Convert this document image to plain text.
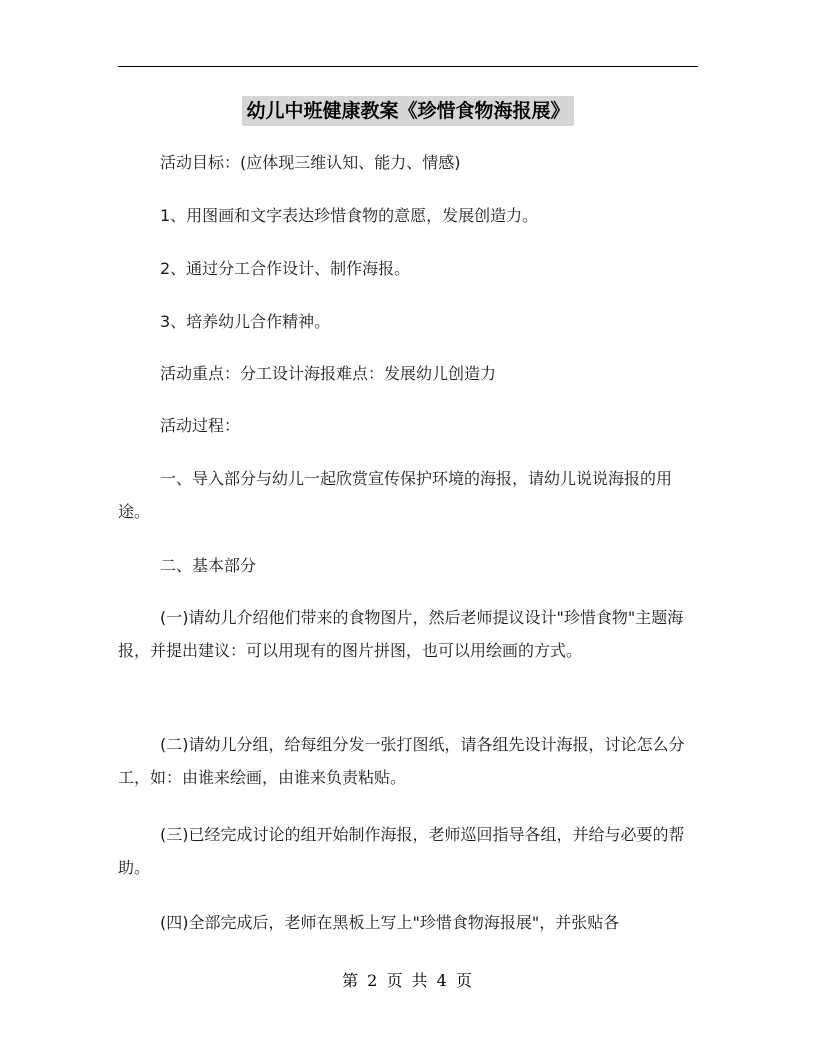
幼儿中班健康教案《珍惜食物海报展》

活动目标：(应体现三维认知、能力、情感)

1、用图画和文字表达珍惜食物的意愿，发展创造力。

2、通过分工合作设计、制作海报。

3、培养幼儿合作精神。

活动重点：分工设计海报难点：发展幼儿创造力

活动过程：

一、导入部分与幼儿一起欣赏宣传保护环境的海报，请幼儿说说海报的用途。

二、基本部分

(一)请幼儿介绍他们带来的食物图片，然后老师提议设计"珍惜食物"主题海报，并提出建议：可以用现有的图片拼图，也可以用绘画的方式。

(二)请幼儿分组，给每组分发一张打图纸，请各组先设计海报，讨论怎么分工，如：由谁来绘画，由谁来负责粘贴。

(三)已经完成讨论的组开始制作海报，老师巡回指导各组，并给与必要的帮助。

(四)全部完成后，老师在黑板上写上"珍惜食物海报展"，并张贴各

第 2 页 共 4 页
